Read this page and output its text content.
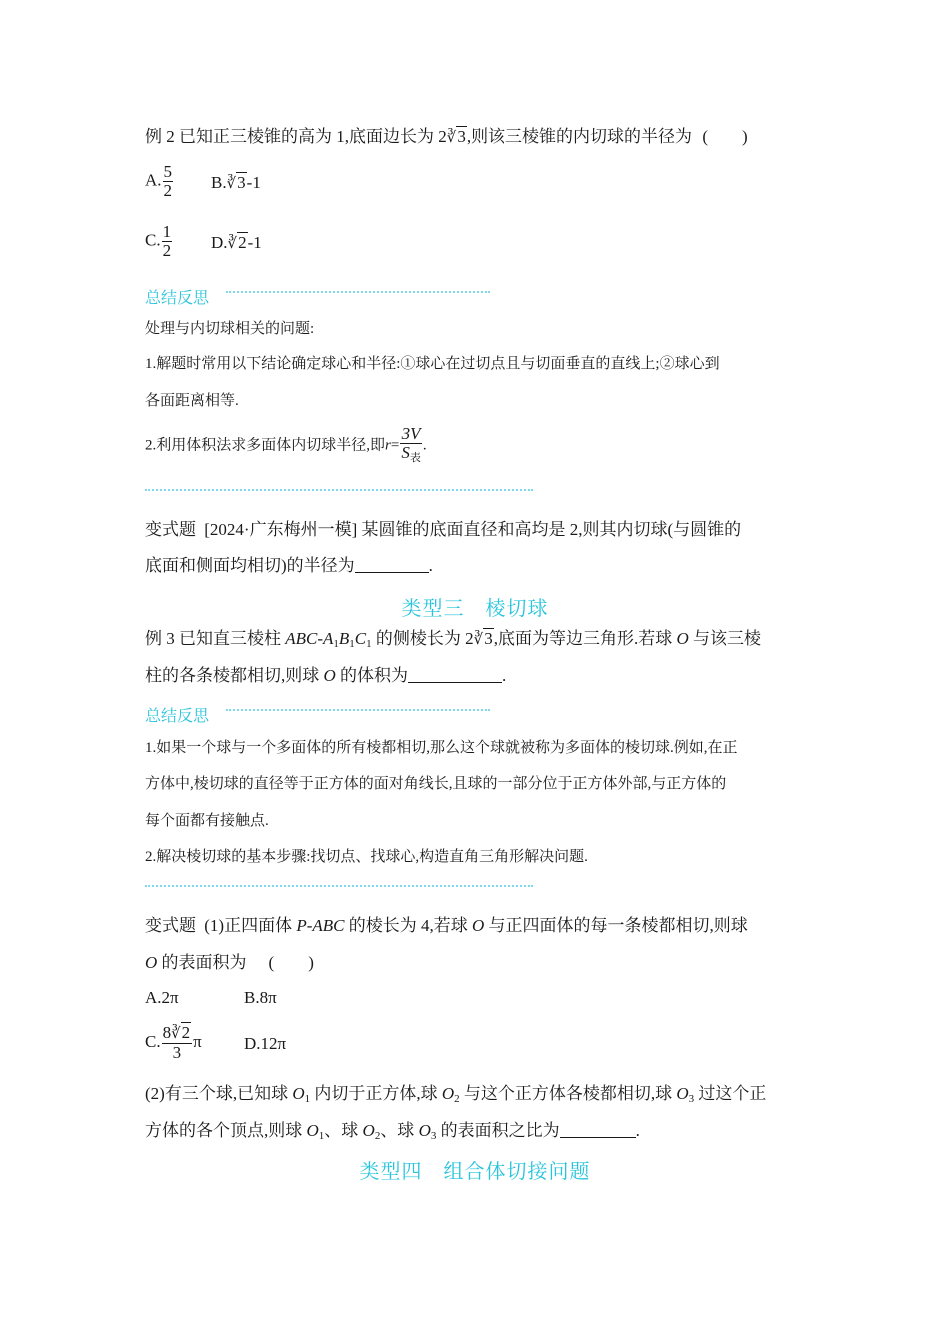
例 2 已知正三棱锥的高为 1,底面边长为 2∛3,则该三棱锥的内切球的半径为 (　　)
A. $\frac{5}{2}$ B.∛3-1
C. $\frac{1}{2}$ D.∛2-1
总结反思
处理与内切球相关的问题:
1.解题时常用以下结论确定球心和半径:①球心在过切点且与切面垂直的直线上;②球心到
各面距离相等.
2.利用体积法求多面体内切球半径,即$r= \frac{3V}{S_表}$ .
变式题 [2024·广东梅州一模] 某圆锥的底面直径和高均是 2,则其内切球(与圆锥的
底面和侧面均相切)的半径为	.
类型三　棱切球
例 3 已知直三棱柱 ABC-$A_1B_1C_1$ 的侧棱长为 2∛3,底面为等边三角形.若球 O 与该三棱
柱的各条棱都相切,则球 O 的体积为	.
总结反思
1.如果一个球与一个多面体的所有棱都相切,那么这个球就被称为多面体的棱切球.例如,在正
方体中,棱切球的直径等于正方体的面对角线长,且球的一部分位于正方体外部,与正方体的
每个面都有接触点.
2.解决棱切球的基本步骤:找切点、找球心,构造直角三角形解决问题.
变式题 (1)正四面体 P-ABC 的棱长为 4,若球 O 与正四面体的每一条棱都相切,则球
O 的表面积为 (　　)
A.2π	B.8π
C. $\frac{8∛2}{3}$ π D.12π
(2)有三个球,已知球 $O_1$ 内切于正方体,球 $O_2$ 与这个正方体各棱都相切,球 $O_3$ 过这个正
方体的各个顶点,则球 $O_1$、球 $O_2$、球 $O_3$ 的表面积之比为	.
类型四　组合体切接问题
